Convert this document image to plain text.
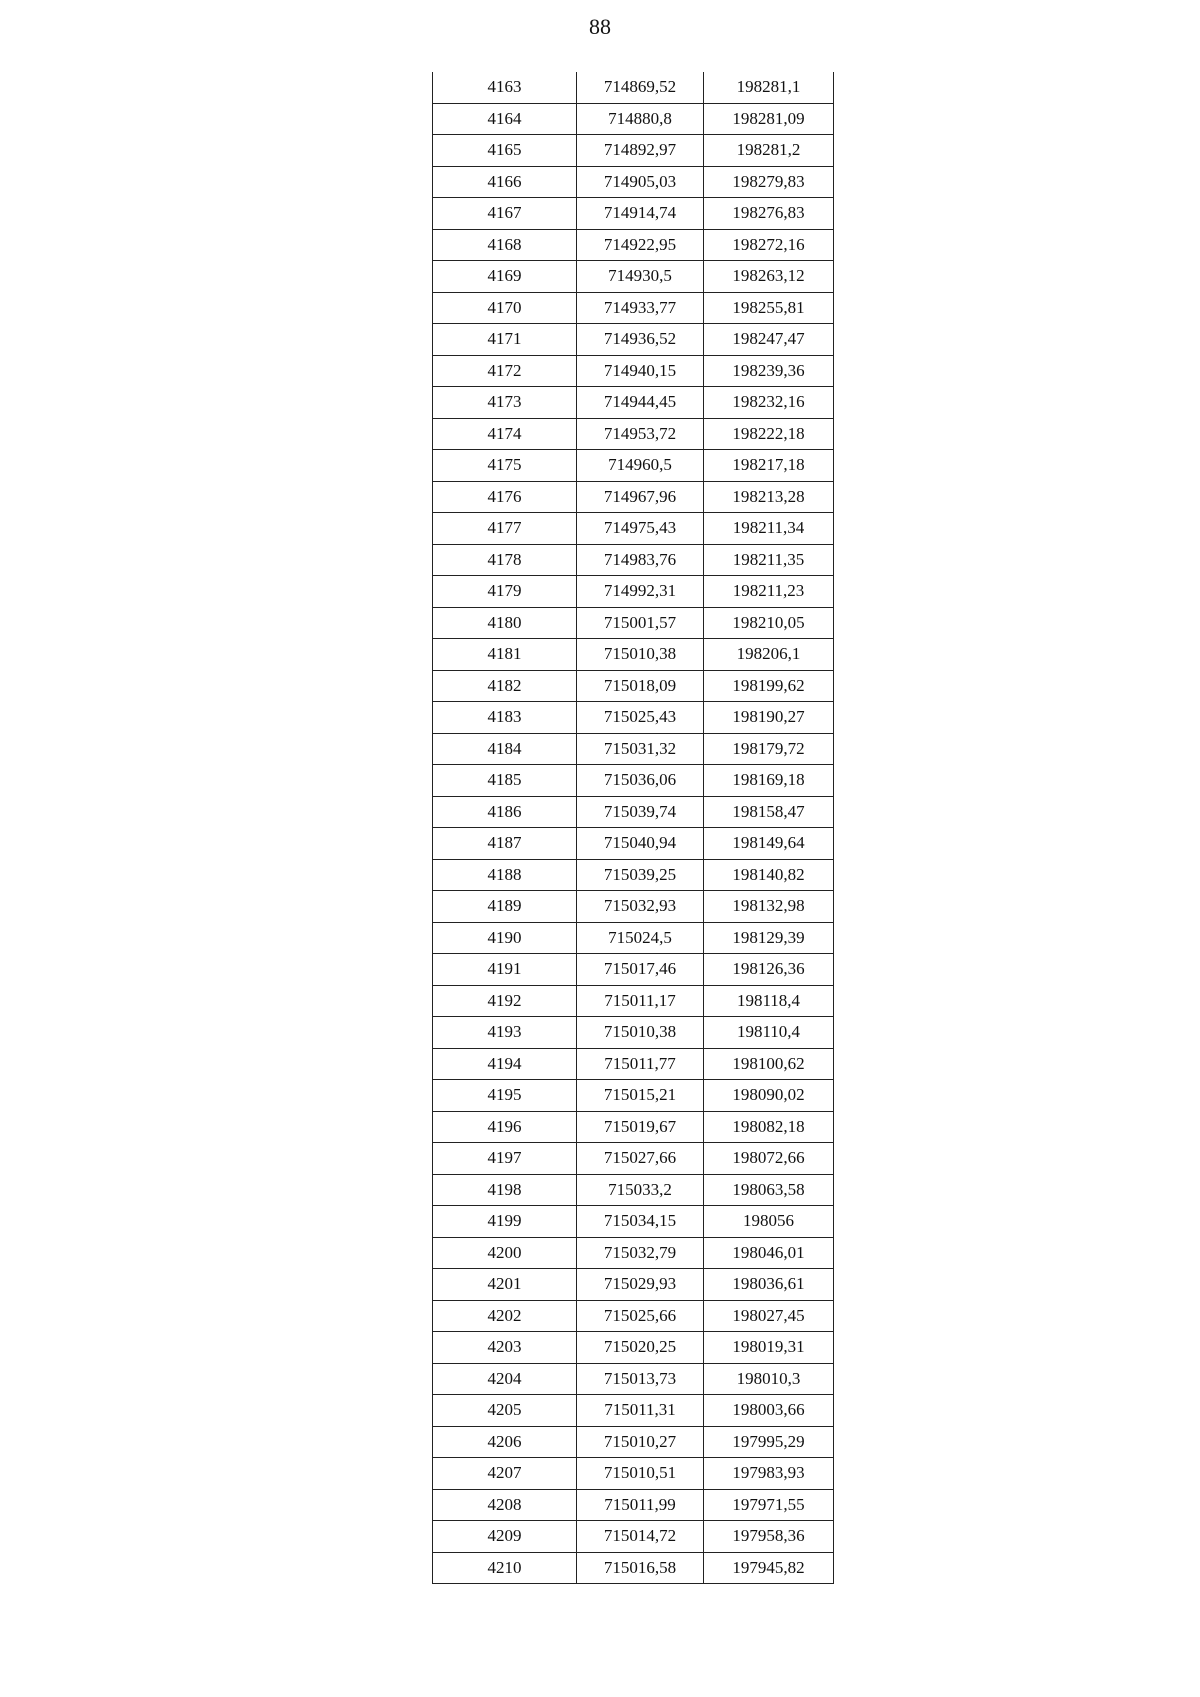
88
4163	714869,52	198281,1
4164	714880,8	198281,09
4165	714892,97	198281,2
4166	714905,03	198279,83
4167	714914,74	198276,83
4168	714922,95	198272,16
4169	714930,5	198263,12
4170	714933,77	198255,81
4171	714936,52	198247,47
4172	714940,15	198239,36
4173	714944,45	198232,16
4174	714953,72	198222,18
4175	714960,5	198217,18
4176	714967,96	198213,28
4177	714975,43	198211,34
4178	714983,76	198211,35
4179	714992,31	198211,23
4180	715001,57	198210,05
4181	715010,38	198206,1
4182	715018,09	198199,62
4183	715025,43	198190,27
4184	715031,32	198179,72
4185	715036,06	198169,18
4186	715039,74	198158,47
4187	715040,94	198149,64
4188	715039,25	198140,82
4189	715032,93	198132,98
4190	715024,5	198129,39
4191	715017,46	198126,36
4192	715011,17	198118,4
4193	715010,38	198110,4
4194	715011,77	198100,62
4195	715015,21	198090,02
4196	715019,67	198082,18
4197	715027,66	198072,66
4198	715033,2	198063,58
4199	715034,15	198056
4200	715032,79	198046,01
4201	715029,93	198036,61
4202	715025,66	198027,45
4203	715020,25	198019,31
4204	715013,73	198010,3
4205	715011,31	198003,66
4206	715010,27	197995,29
4207	715010,51	197983,93
4208	715011,99	197971,55
4209	715014,72	197958,36
4210	715016,58	197945,82
